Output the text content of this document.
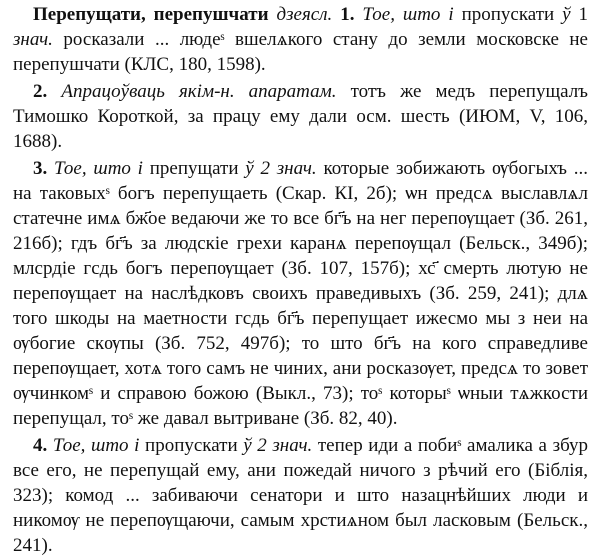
Перепущати, перепушчати дзеясл. 1. Тое, што і пропускати ў 1 знач. росказали ... людеˢ вшелѧкого стану до земли московске не перепушчати (КЛС, 180, 1598).

2. Апрацоўваць якім-н. апаратам. тотъ же медъ перепущалъ Тимошко Короткой, за працу ему дали осм. шесть (ИЮМ, V, 106, 1688).

3. Тое, што і препущати ў 2 знач. которые зобижають ѹбогыхъ ... на таковыхˢ богъ перепущаеть (Скар. КІ, 2б); ѡн предсѧ выславлѧл статечне имѧ бж҃ое ведаючи же то все бг҃ъ на нег перепѹщает (Зб. 261, 216б); гдъ бг҃ъ за людскіе грехи каранѧ перепѹщал (Бельск., 349б); млсрдіе гсдь богъ перепѹщает (Зб. 107, 157б); хс҃ смерть лютую не перепѹщает на наслѣдковъ своихъ праведивыхъ (Зб. 259, 241); длѧ того шкоды на маетности гсдь бг҃ъ перепущает ижесмо мы з неи на ѹбогие скѹпы (Зб. 752, 497б); то што бг҃ъ на кого справедливе перепѹщает, хотѧ того самъ не чиних, ани росказѹет, предсѧ то зовет ѹчинкомˢ и справою божою (Выкл., 73); тоˢ которыˢ ѡныи тѧжкости перепущал, тоˢ же давал вытриване (Зб. 82, 40).

4. Тое, што і пропускати ў 2 знач. тепер иди а побиˢ амалика а збур все его, не перепущай ему, ани пожедай ничого з рѣчий его (Біблія, 323); комод ... забиваючи сенатори и што назацнѣйших люди и никомѹ не перепѹщаючи, самым хрстиѧном был ласковым (Бельск., 241).
